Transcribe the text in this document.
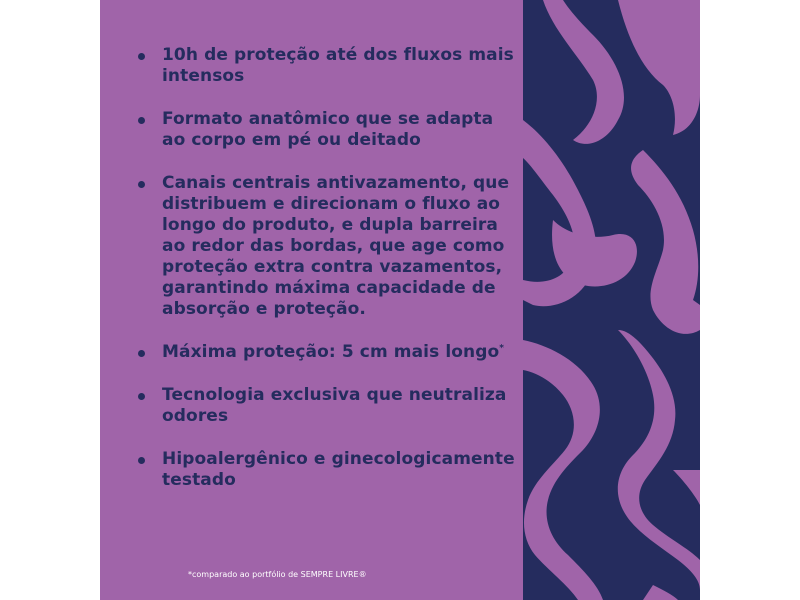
10h de proteção até dos fluxos mais intensos
Formato anatômico que se adapta ao corpo em pé ou deitado
Canais centrais antivazamento, que distribuem e direcionam o fluxo ao longo do produto, e dupla barreira ao redor das bordas, que age como proteção extra contra vazamentos, garantindo máxima capacidade de absorção e proteção.
Máxima proteção: 5 cm mais longo*
Tecnologia exclusiva que neutraliza odores
Hipoalergênico e ginecologicamente testado
*comparado ao portfólio de SEMPRE LIVRE®
